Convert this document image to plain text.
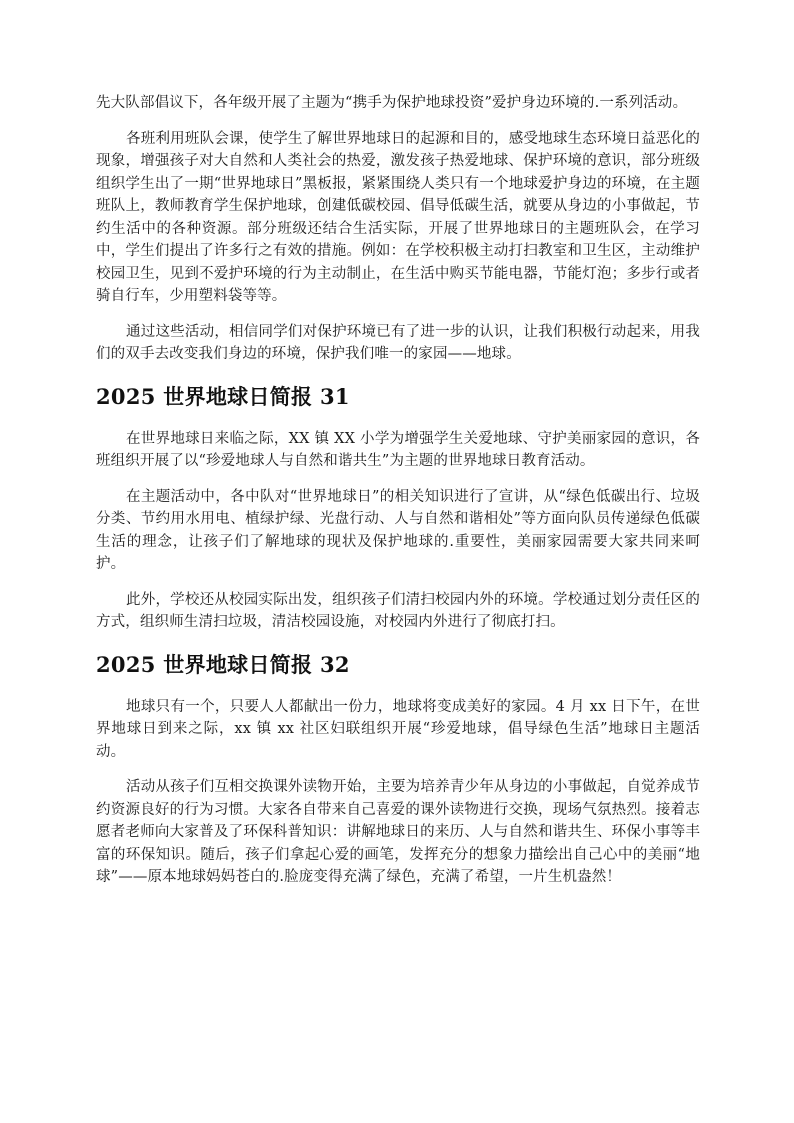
先大队部倡议下，各年级开展了主题为“携手为保护地球投资”爱护身边环境的.一系列活动。

各班利用班队会课，使学生了解世界地球日的起源和目的，感受地球生态环境日益恶化的现象，增强孩子对大自然和人类社会的热爱，激发孩子热爱地球、保护环境的意识，部分班级组织学生出了一期“世界地球日”黑板报，紧紧围绕人类只有一个地球爱护身边的环境，在主题班队上，教师教育学生保护地球，创建低碳校园、倡导低碳生活，就要从身边的小事做起，节约生活中的各种资源。部分班级还结合生活实际，开展了世界地球日的主题班队会，在学习中，学生们提出了许多行之有效的措施。例如：在学校积极主动打扫教室和卫生区，主动维护校园卫生，见到不爱护环境的行为主动制止，在生活中购买节能电器，节能灯泡；多步行或者骑自行车，少用塑料袋等等。

通过这些活动，相信同学们对保护环境已有了进一步的认识，让我们积极行动起来，用我们的双手去改变我们身边的环境，保护我们唯一的家园——地球。

2025 世界地球日简报 31

在世界地球日来临之际，XX 镇 XX 小学为增强学生关爱地球、守护美丽家园的意识，各班组织开展了以“珍爱地球人与自然和谐共生”为主题的世界地球日教育活动。

在主题活动中，各中队对“世界地球日”的相关知识进行了宣讲，从“绿色低碳出行、垃圾分类、节约用水用电、植绿护绿、光盘行动、人与自然和谐相处”等方面向队员传递绿色低碳生活的理念，让孩子们了解地球的现状及保护地球的.重要性，美丽家园需要大家共同来呵护。

此外，学校还从校园实际出发，组织孩子们清扫校园内外的环境。学校通过划分责任区的方式，组织师生清扫垃圾，清洁校园设施，对校园内外进行了彻底打扫。

2025 世界地球日简报 32

地球只有一个，只要人人都献出一份力，地球将变成美好的家园。4 月 xx 日下午，在世界地球日到来之际，xx 镇 xx 社区妇联组织开展“珍爱地球，倡导绿色生活”地球日主题活动。

活动从孩子们互相交换课外读物开始，主要为培养青少年从身边的小事做起，自觉养成节约资源良好的行为习惯。大家各自带来自己喜爱的课外读物进行交换，现场气氛热烈。接着志愿者老师向大家普及了环保科普知识：讲解地球日的来历、人与自然和谐共生、环保小事等丰富的环保知识。随后，孩子们拿起心爱的画笔，发挥充分的想象力描绘出自己心中的美丽“地球”——原本地球妈妈苍白的.脸庞变得充满了绿色，充满了希望，一片生机盎然！
